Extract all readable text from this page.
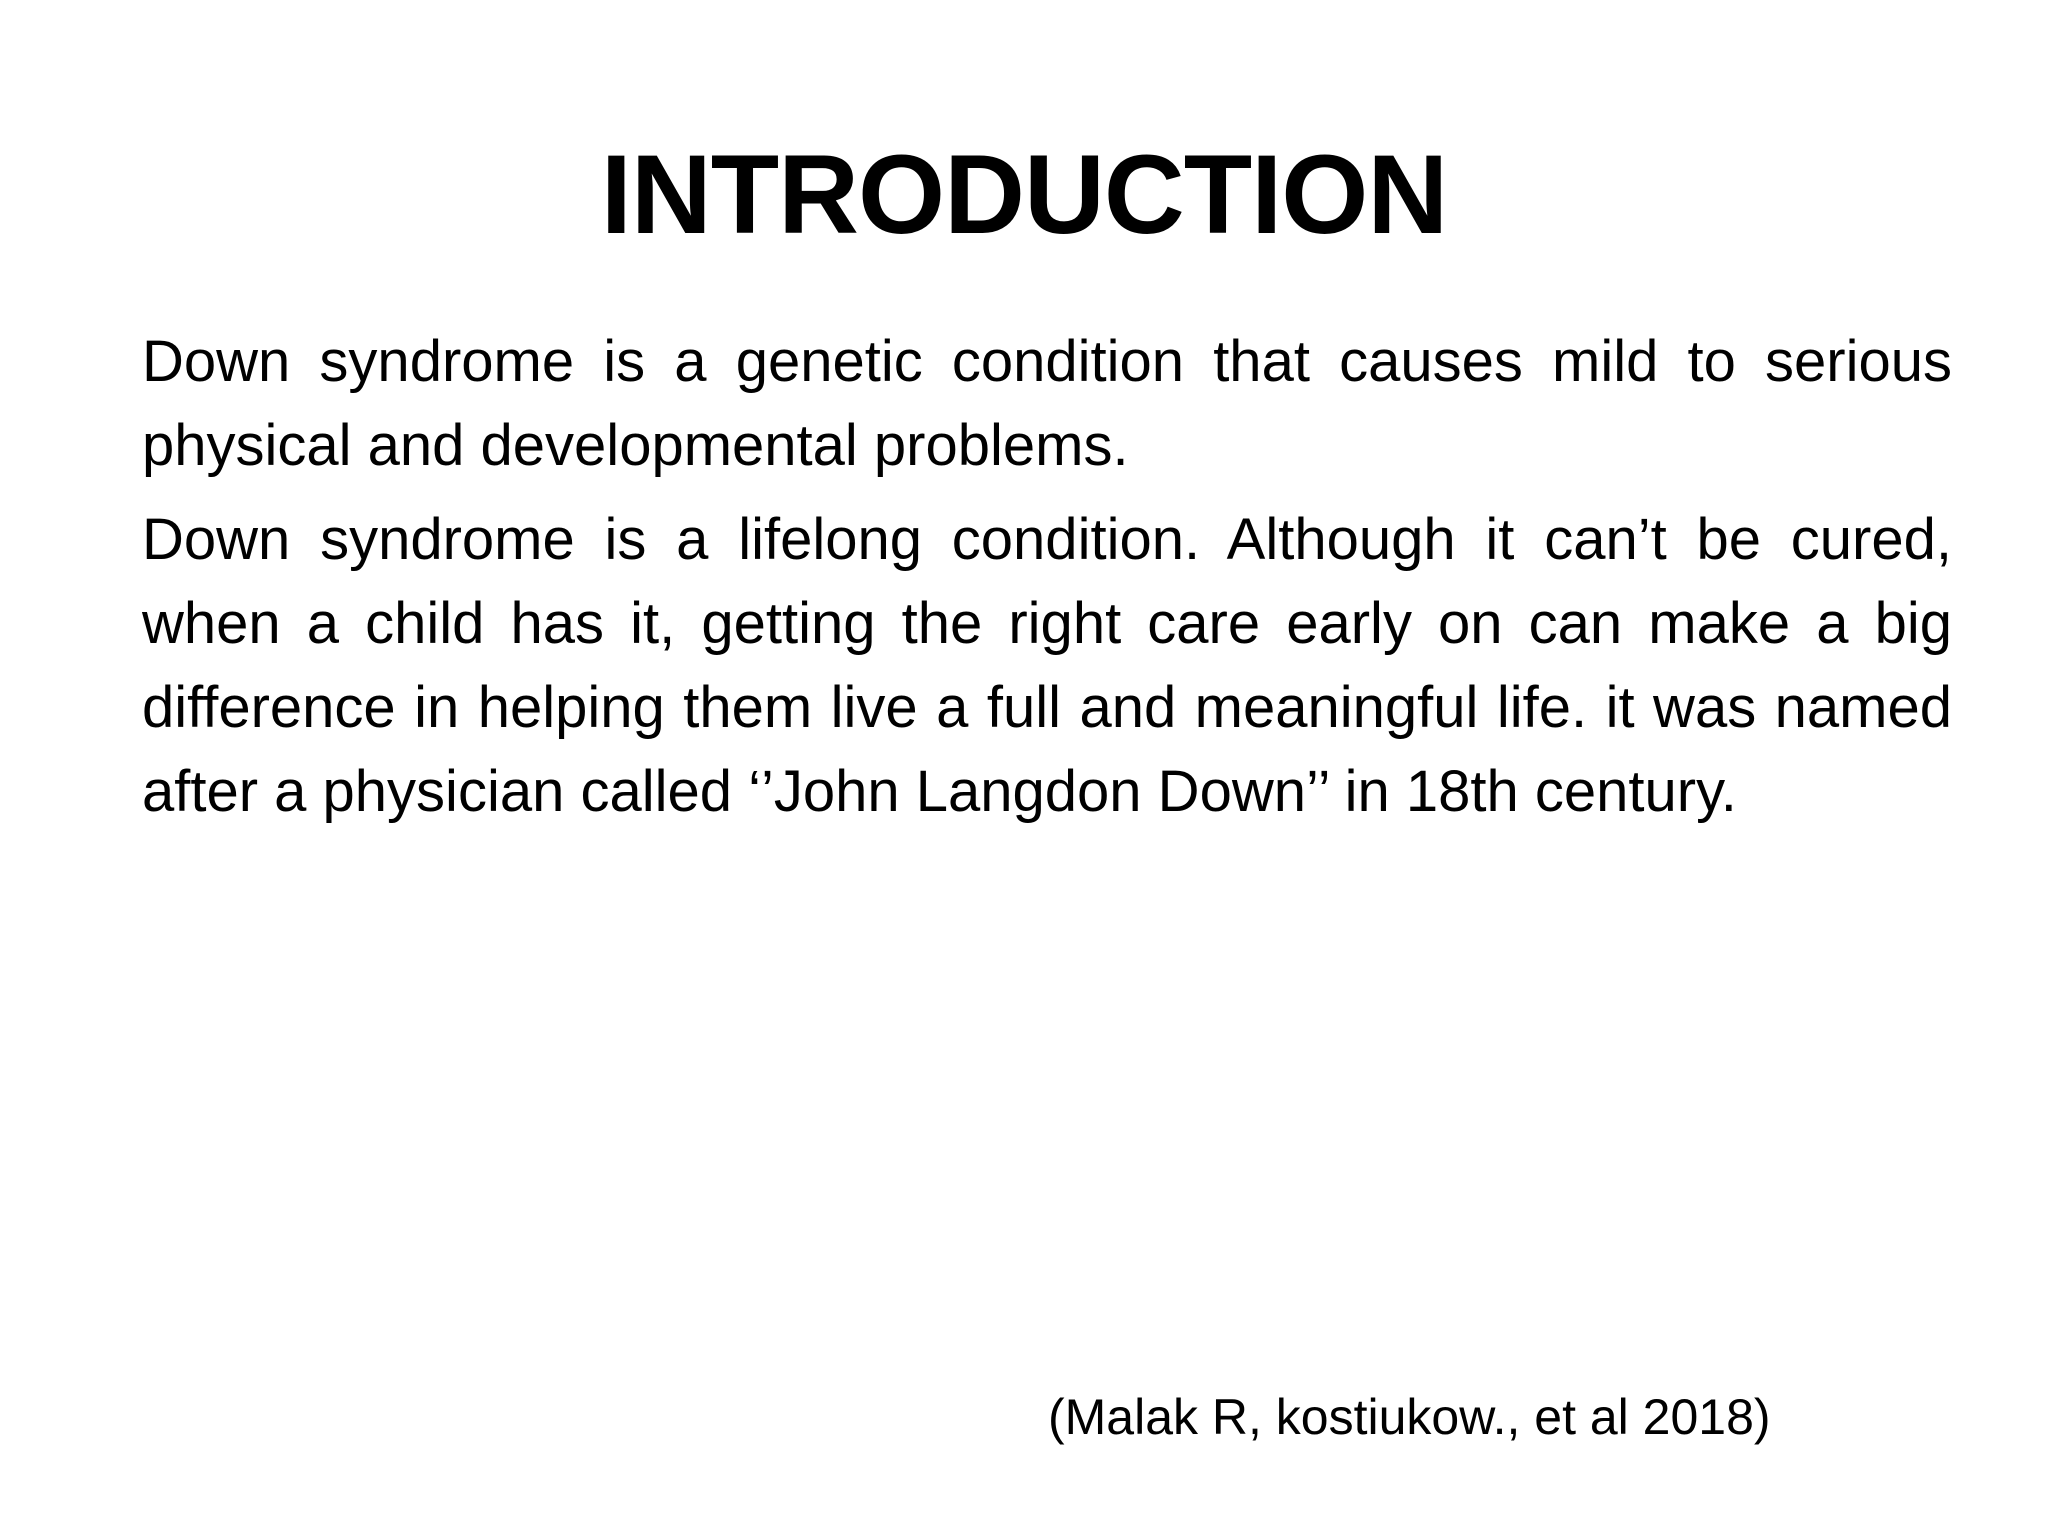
INTRODUCTION

Down syndrome is a genetic condition that causes mild to serious physical and developmental problems.

Down syndrome is a lifelong condition. Although it can’t be cured, when a child has it, getting the right care early on can make a big difference in helping them live a full and meaningful life. it was named after a physician called ‘’John Langdon Down’’ in 18th century.

(Malak R, kostiukow., et al 2018)
